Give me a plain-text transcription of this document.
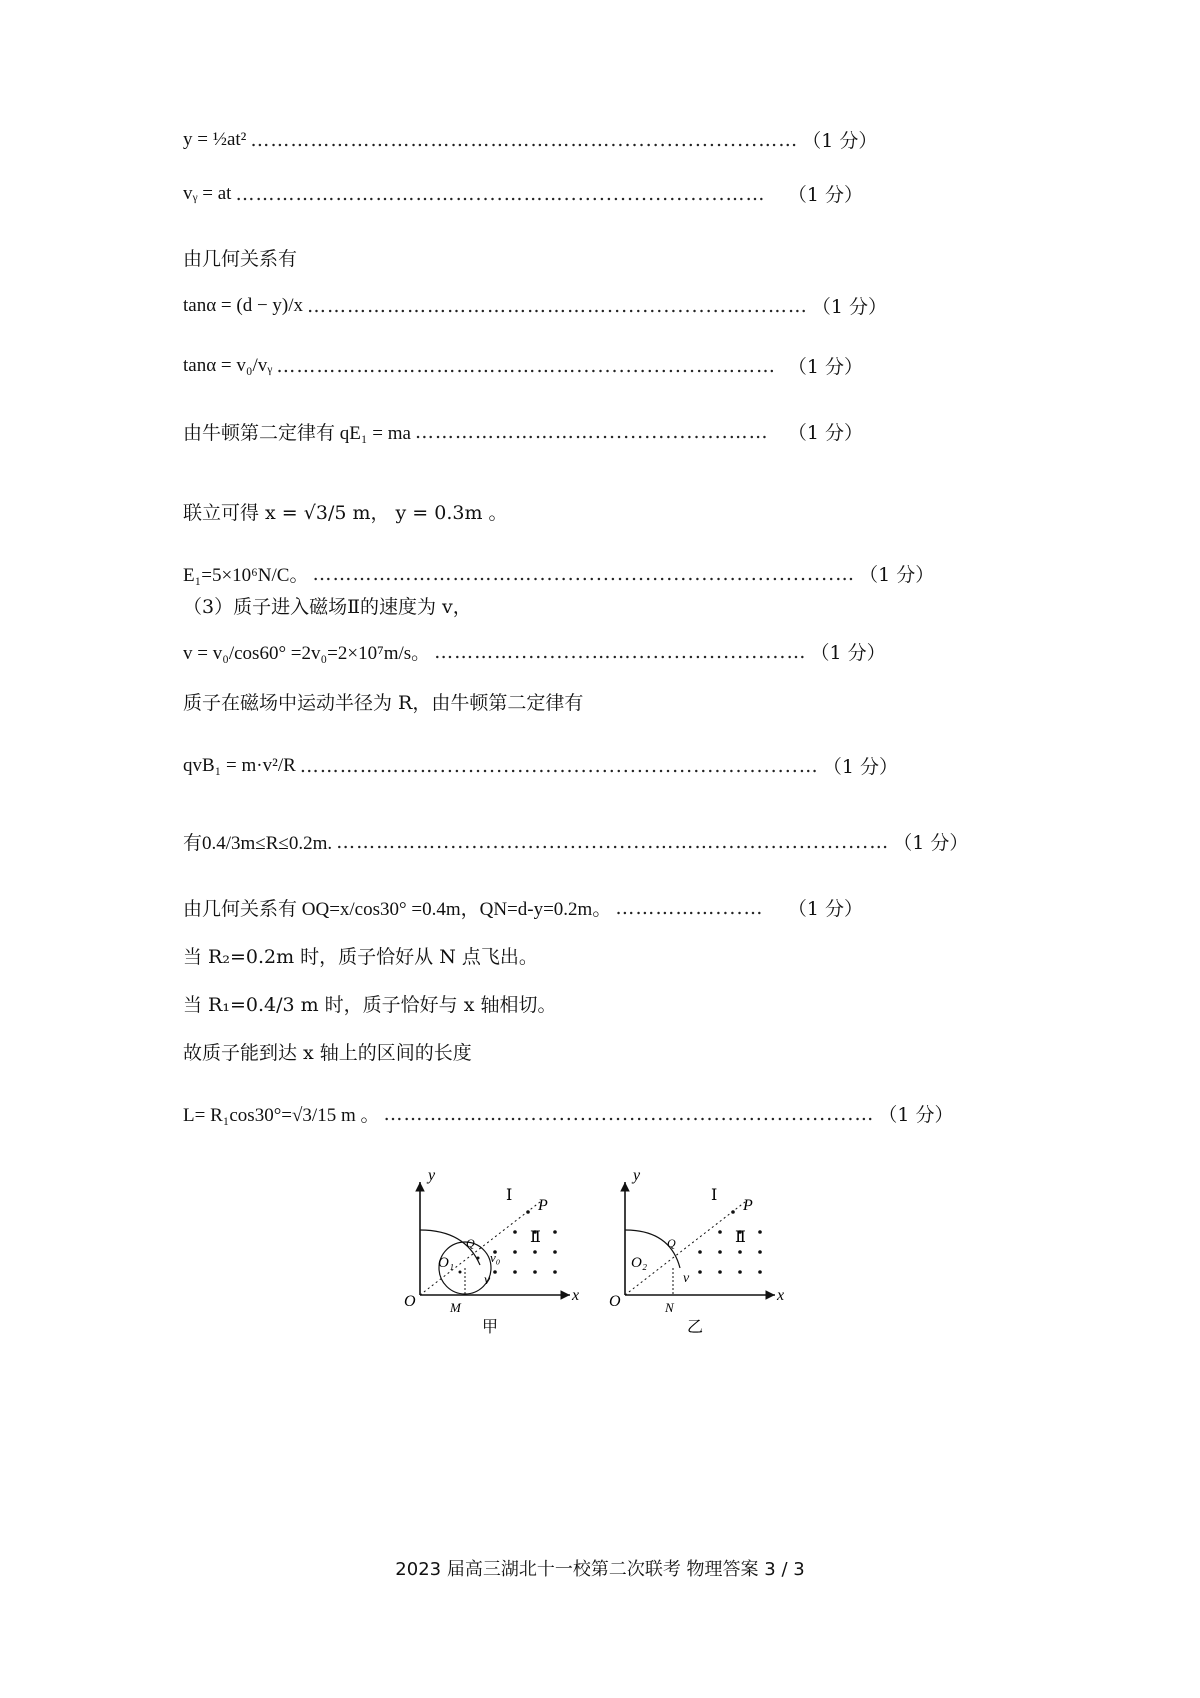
y = ½at² ……………………………………………….....................…… （1 分）
vᵧ = at ………………………………....……….......................……	（1 分）
由几何关系有
tanα = (d − y)/x ……………………………………….................…...…… （1 分）
tanα = v₀/vᵧ ……………………………………….................………… （1 分）
由牛顿第二定律有 qE₁ = ma ………………………...................……	（1 分）
联立可得 x = √3/5 m， y = 0.3m 。
E₁=5×10⁶N/C。 ……………………………...........................................… （1 分）
（3）质子进入磁场Ⅱ的速度为 v，
v = v₀/cos60° =2v₀=2×10⁷m/s。 …………...........……......................… （1 分）
质子在磁场中运动半径为 R，由牛顿第二定律有
qvB₁ = m·v²/R …………………...................................................… （1 分）
有0.4/3m≤R≤0.2m. ……………...............................………......................… （1 分）
由几何关系有 OQ=x/cos30° =0.4m，QN=d-y=0.2m。 ……………....…	（1 分）
当 R₂=0.2m 时，质子恰好从 N 点飞出。
当 R₁=0.4/3 m 时，质子恰好与 x 轴相切。
故质子能到达 x 轴上的区间的长度
L= R₁cos30°=√3/15 m 。 …………………...............................................… （1 分）
y
x
O
Ⅰ
Ⅱ
P
Q
O₁
M
v₀
v
甲
y
x
O
Ⅰ
Ⅱ
P
Q
O₂
N
v
乙
2023 届高三湖北十一校第二次联考 物理答案 3 / 3
